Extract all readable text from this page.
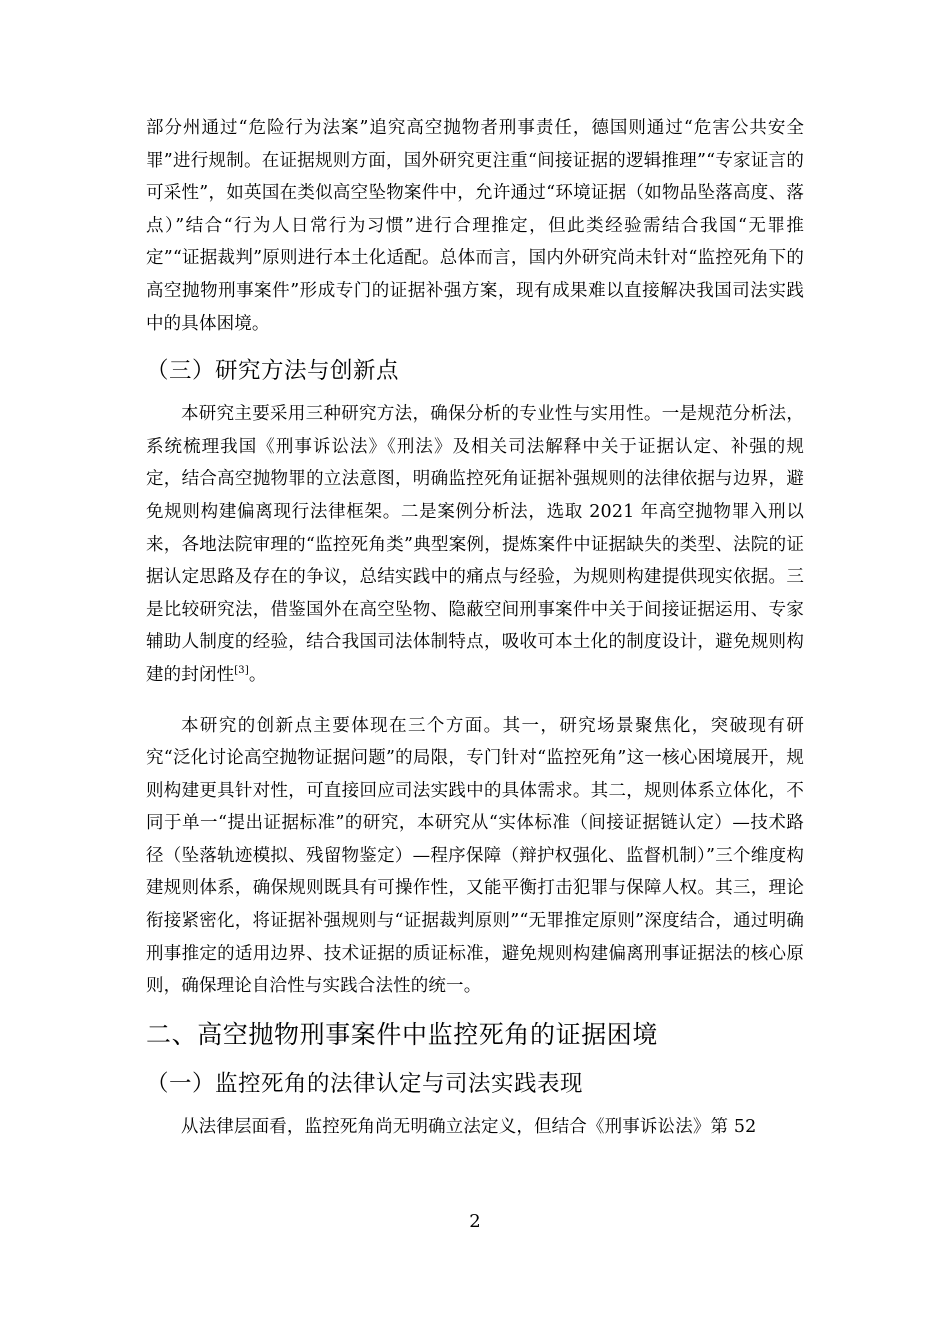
部分州通过“危险行为法案”追究高空抛物者刑事责任，德国则通过“危害公共安全罪”进行规制。在证据规则方面，国外研究更注重“间接证据的逻辑推理”“专家证言的可采性”，如英国在类似高空坠物案件中，允许通过“环境证据（如物品坠落高度、落点）”结合“行为人日常行为习惯”进行合理推定，但此类经验需结合我国“无罪推定”“证据裁判”原则进行本土化适配。总体而言，国内外研究尚未针对“监控死角下的高空抛物刑事案件”形成专门的证据补强方案，现有成果难以直接解决我国司法实践中的具体困境。

（三）研究方法与创新点

本研究主要采用三种研究方法，确保分析的专业性与实用性。一是规范分析法，系统梳理我国《刑事诉讼法》《刑法》及相关司法解释中关于证据认定、补强的规定，结合高空抛物罪的立法意图，明确监控死角证据补强规则的法律依据与边界，避免规则构建偏离现行法律框架。二是案例分析法，选取 2021 年高空抛物罪入刑以来，各地法院审理的“监控死角类”典型案例，提炼案件中证据缺失的类型、法院的证据认定思路及存在的争议，总结实践中的痛点与经验，为规则构建提供现实依据。三是比较研究法，借鉴国外在高空坠物、隐蔽空间刑事案件中关于间接证据运用、专家辅助人制度的经验，结合我国司法体制特点，吸收可本土化的制度设计，避免规则构建的封闭性[3]。

本研究的创新点主要体现在三个方面。其一，研究场景聚焦化，突破现有研究“泛化讨论高空抛物证据问题”的局限，专门针对“监控死角”这一核心困境展开，规则构建更具针对性，可直接回应司法实践中的具体需求。其二，规则体系立体化，不同于单一“提出证据标准”的研究，本研究从“实体标准（间接证据链认定）—技术路径（坠落轨迹模拟、残留物鉴定）—程序保障（辩护权强化、监督机制）”三个维度构建规则体系，确保规则既具有可操作性，又能平衡打击犯罪与保障人权。其三，理论衔接紧密化，将证据补强规则与“证据裁判原则”“无罪推定原则”深度结合，通过明确刑事推定的适用边界、技术证据的质证标准，避免规则构建偏离刑事证据法的核心原则，确保理论自洽性与实践合法性的统一。

二、高空抛物刑事案件中监控死角的证据困境
（一）监控死角的法律认定与司法实践表现

从法律层面看，监控死角尚无明确立法定义，但结合《刑事诉讼法》第 52

2
